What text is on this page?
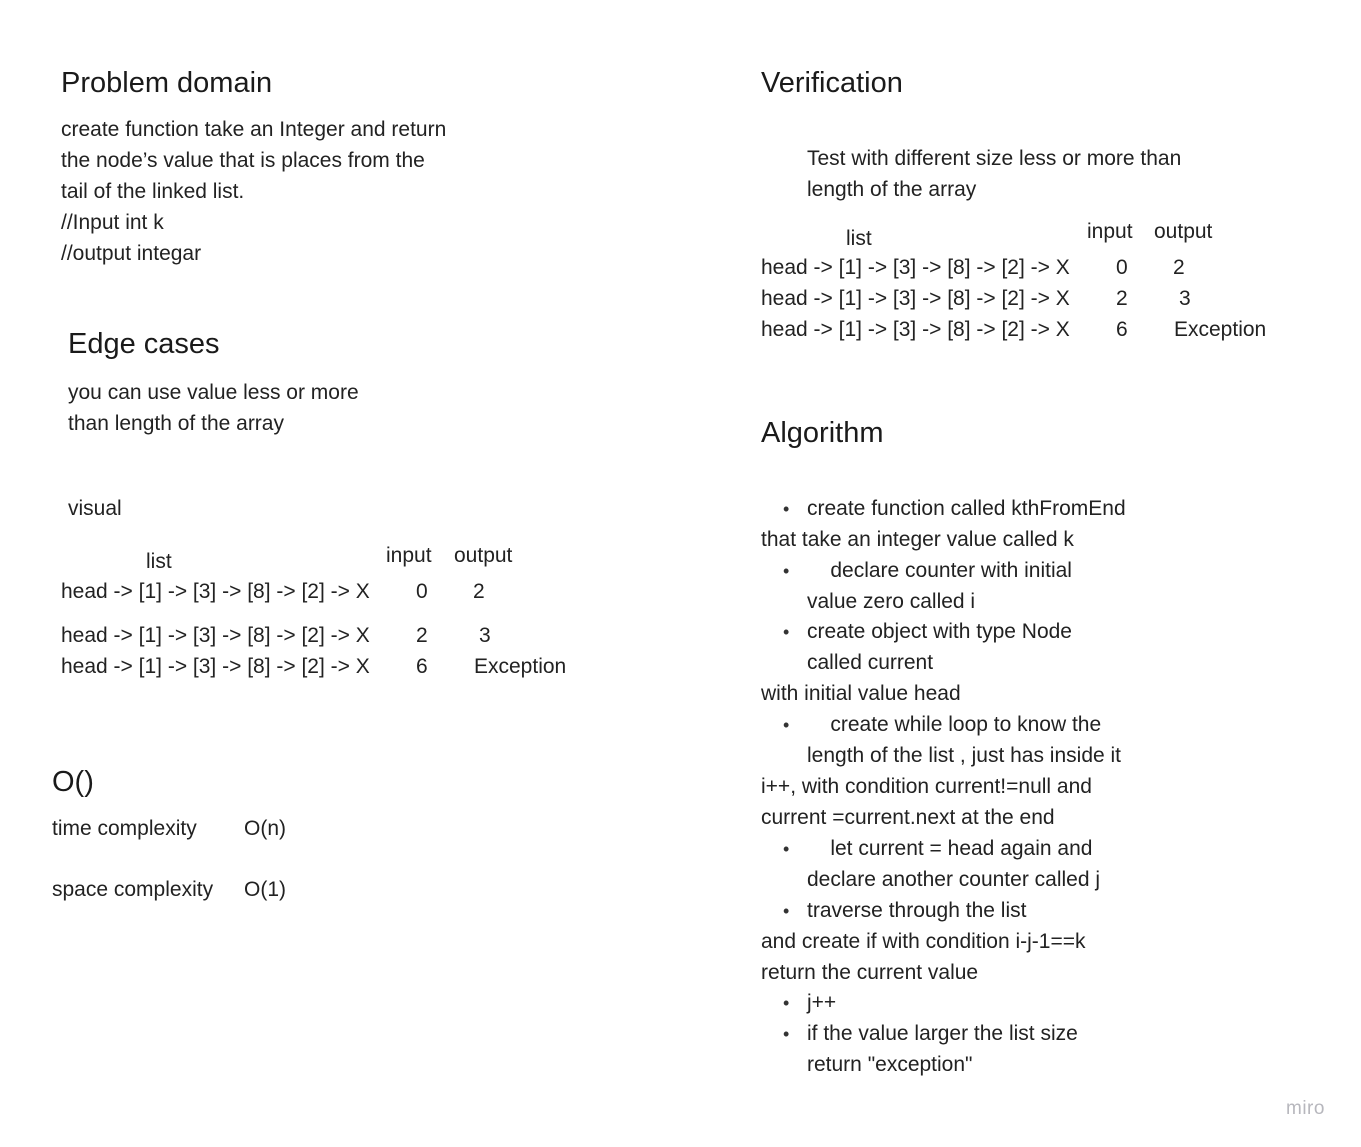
Problem domain
create function take an Integer and return
the node’s value that is places from the
tail of the linked list.
//Input int k
//output integar
Edge cases
you can use value less or more
than length of the array
visual
list	input output
head -> [1] -> [3] -> [8] -> [2] -> X 0 2
head -> [1] -> [3] -> [8] -> [2] -> X 2 3
head -> [1] -> [3] -> [8] -> [2] -> X 6 Exception
O()
time complexity O(n)
space complexity O(1)
Verification
Test with different size less or more than
length of the array
list	input output
head -> [1] -> [3] -> [8] -> [2] -> X 0 2
head -> [1] -> [3] -> [8] -> [2] -> X 2 3
head -> [1] -> [3] -> [8] -> [2] -> X 6 Exception
Algorithm
• create function called kthFromEnd
that take an integer value called k
• declare counter with initial
value zero called i
• create object with type Node
called current
with initial value head
• create while loop to know the
length of the list , just has inside it
i++, with condition current!=null and
current =current.next at the end
• let current = head again and
declare another counter called j
• traverse through the list
and create if with condition i-j-1==k
return the current value
• j++
• if the value larger the list size
return "exception"
miro
